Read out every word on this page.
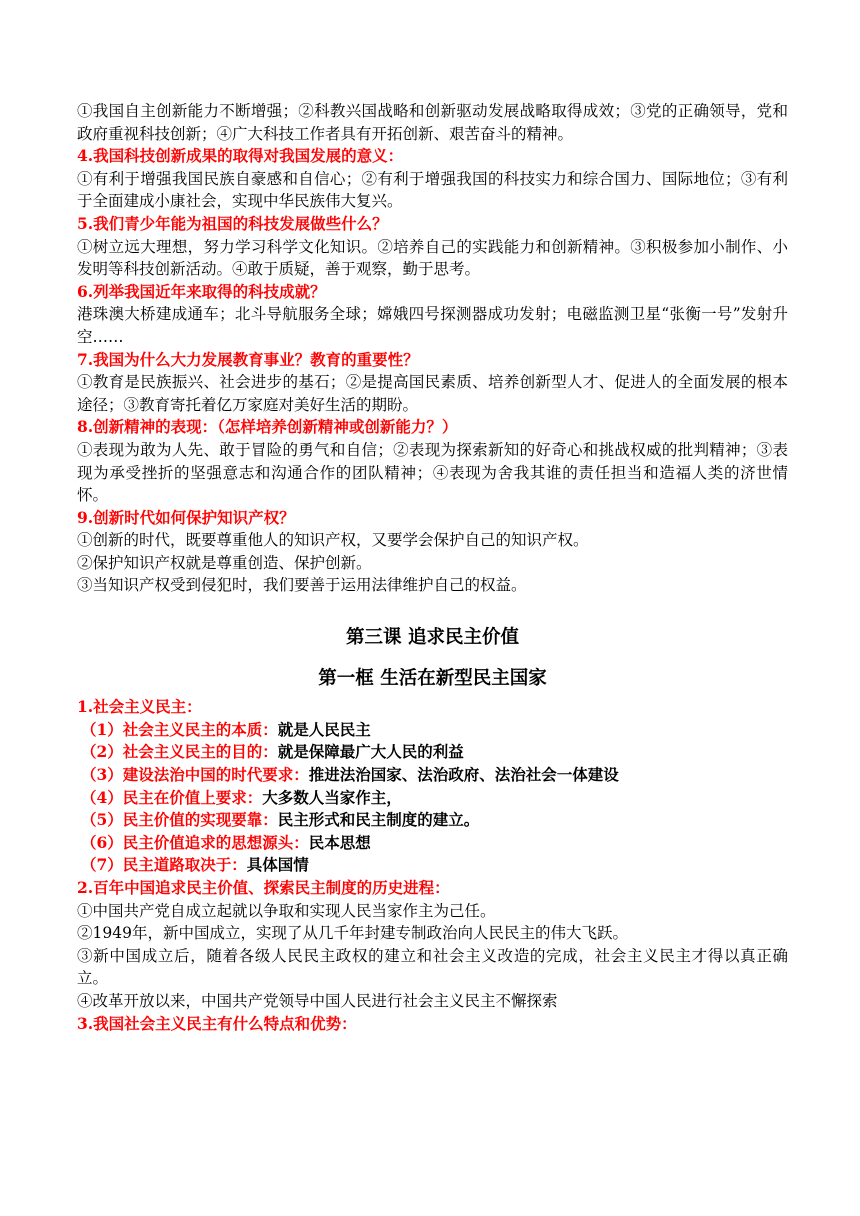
①我国自主创新能力不断增强；②科教兴国战略和创新驱动发展战略取得成效；③党的正确领导，党和政府重视科技创新；④广大科技工作者具有开拓创新、艰苦奋斗的精神。

4.我国科技创新成果的取得对我国发展的意义：

①有利于增强我国民族自豪感和自信心；②有利于增强我国的科技实力和综合国力、国际地位；③有利于全面建成小康社会，实现中华民族伟大复兴。

5.我们青少年能为祖国的科技发展做些什么？

①树立远大理想，努力学习科学文化知识。②培养自己的实践能力和创新精神。③积极参加小制作、小发明等科技创新活动。④敢于质疑，善于观察，勤于思考。

6.列举我国近年来取得的科技成就？

港珠澳大桥建成通车；北斗导航服务全球；嫦娥四号探测器成功发射；电磁监测卫星“张衡一号”发射升空……

7.我国为什么大力发展教育事业？教育的重要性？

①教育是民族振兴、社会进步的基石；②是提高国民素质、培养创新型人才、促进人的全面发展的根本途径；③教育寄托着亿万家庭对美好生活的期盼。

8.创新精神的表现：（怎样培养创新精神或创新能力？）

①表现为敢为人先、敢于冒险的勇气和自信；②表现为探索新知的好奇心和挑战权威的批判精神；③表现为承受挫折的坚强意志和沟通合作的团队精神；④表现为舍我其谁的责任担当和造福人类的济世情怀。

9.创新时代如何保护知识产权？

①创新的时代，既要尊重他人的知识产权，又要学会保护自己的知识产权。

②保护知识产权就是尊重创造、保护创新。

③当知识产权受到侵犯时，我们要善于运用法律维护自己的权益。

第三课 追求民主价值
第一框 生活在新型民主国家

1.社会主义民主：

（1）社会主义民主的本质：就是人民民主

（2）社会主义民主的目的：就是保障最广大人民的利益

（3）建设法治中国的时代要求：推进法治国家、法治政府、法治社会一体建设

（4）民主在价值上要求：大多数人当家作主，

（5）民主价值的实现要靠：民主形式和民主制度的建立。

（6）民主价值追求的思想源头：民本思想

（7）民主道路取决于：具体国情

2.百年中国追求民主价值、探索民主制度的历史进程：

①中国共产党自成立起就以争取和实现人民当家作主为己任。

②1949年，新中国成立，实现了从几千年封建专制政治向人民民主的伟大飞跃。

③新中国成立后，随着各级人民民主政权的建立和社会主义改造的完成，社会主义民主才得以真正确立。

④改革开放以来，中国共产党领导中国人民进行社会主义民主不懈探索

3.我国社会主义民主有什么特点和优势：
